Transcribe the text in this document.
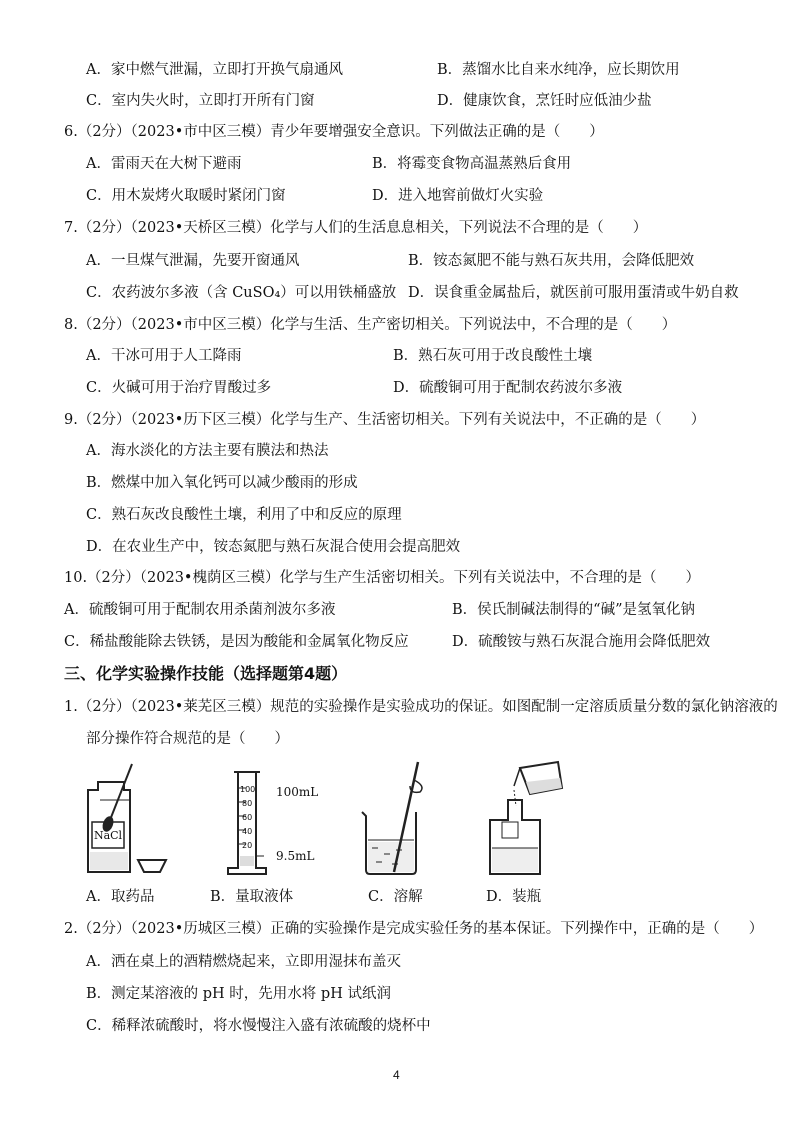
A．家中燃气泄漏，立即打开换气扇通风	B．蒸馏水比自来水纯净，应长期饮用
C．室内失火时，立即打开所有门窗	D．健康饮食，烹饪时应低油少盐
6.（2分）（2023•市中区三模）青少年要增强安全意识。下列做法正确的是（　　）
A．雷雨天在大树下避雨	B．将霉变食物高温蒸熟后食用
C．用木炭烤火取暖时紧闭门窗	D．进入地窖前做灯火实验
7.（2分）（2023•天桥区三模）化学与人们的生活息息相关，下列说法不合理的是（　　）
A．一旦煤气泄漏，先要开窗通风	B．铵态氮肥不能与熟石灰共用，会降低肥效
C．农药波尔多液（含 CuSO₄）可以用铁桶盛放 D．误食重金属盐后，就医前可服用蛋清或牛奶自救
8.（2分）（2023•市中区三模）化学与生活、生产密切相关。下列说法中，不合理的是（　　）
A．干冰可用于人工降雨	B．熟石灰可用于改良酸性土壤
C．火碱可用于治疗胃酸过多	D．硫酸铜可用于配制农药波尔多液
9.（2分）（2023•历下区三模）化学与生产、生活密切相关。下列有关说法中，不正确的是（　　）
A．海水淡化的方法主要有膜法和热法
B．燃煤中加入氧化钙可以减少酸雨的形成
C．熟石灰改良酸性土壤，利用了中和反应的原理
D．在农业生产中，铵态氮肥与熟石灰混合使用会提高肥效
10.（2分）（2023•槐荫区三模）化学与生产生活密切相关。下列有关说法中，不合理的是（　　）
A．硫酸铜可用于配制农用杀菌剂波尔多液	B．侯氏制碱法制得的“碱”是氢氧化钠
C．稀盐酸能除去铁锈，是因为酸能和金属氧化物反应	D．硫酸铵与熟石灰混合施用会降低肥效
三、化学实验操作技能（选择题第4题）
1.（2分）（2023•莱芜区三模）规范的实验操作是实验成功的保证。如图配制一定溶质质量分数的氯化钠溶液的
部分操作符合规范的是（　　）
NaCl
100
80
60
40
20
100mL
9.5mL
A．取药品	B．量取液体	C．溶解	D．装瓶
2.（2分）（2023•历城区三模）正确的实验操作是完成实验任务的基本保证。下列操作中，正确的是（　　）
A．洒在桌上的酒精燃烧起来，立即用湿抹布盖灭
B．测定某溶液的 pH 时，先用水将 pH 试纸润
C．稀释浓硫酸时，将水慢慢注入盛有浓硫酸的烧杯中
4
